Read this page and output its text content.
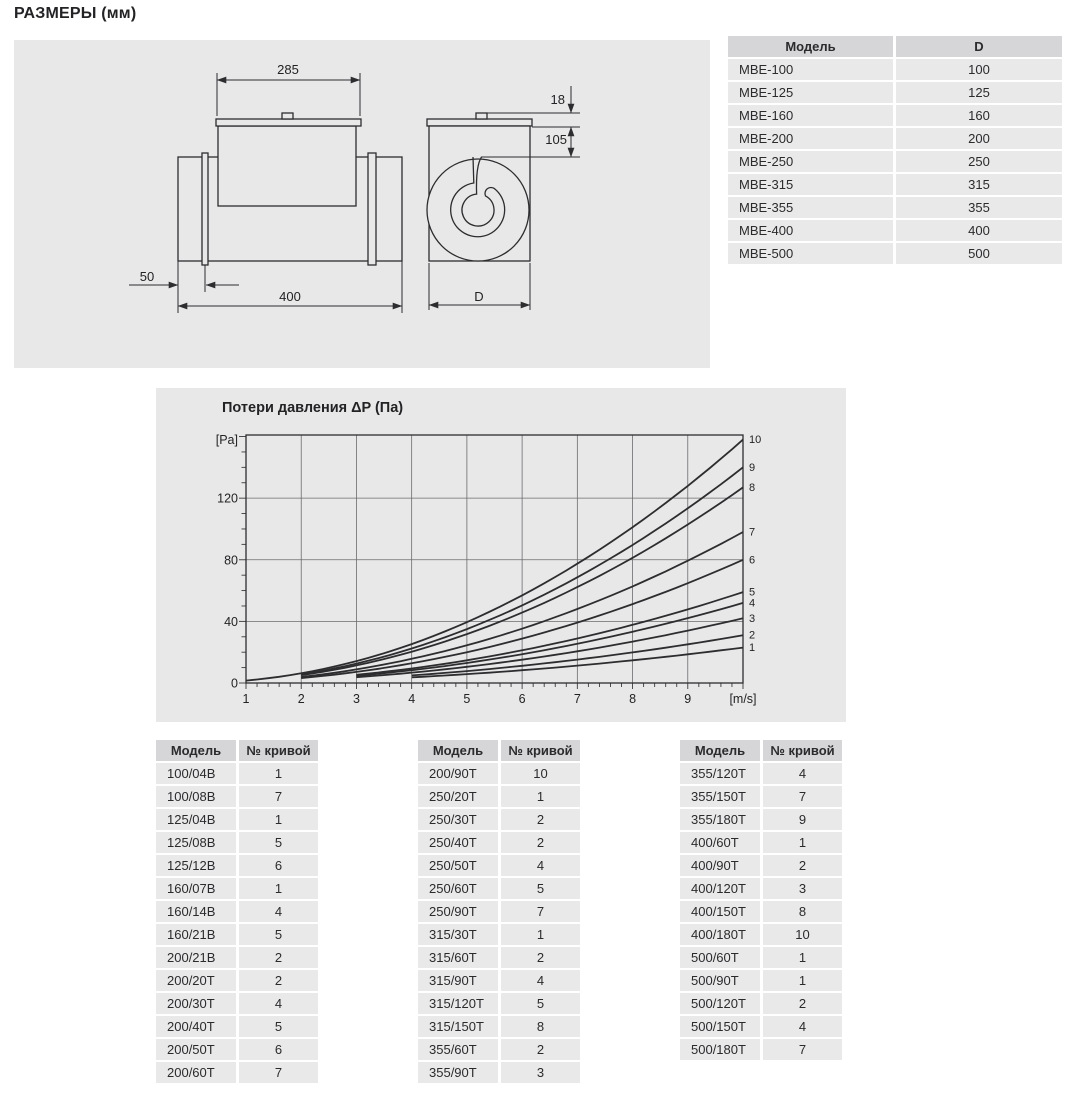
РАЗМЕРЫ (мм)
285
50
400
18
105
D
Модель	D
МВЕ-100	100
МВЕ-125	125
МВЕ-160	160
МВЕ-200	200
МВЕ-250	250
МВЕ-315	315
МВЕ-355	355
МВЕ-400	400
МВЕ-500	500
Потери давления ΔP (Па)
1	2	3	4	5	6	7	8	9
0
40
80
120
1
2
3
4
5
6
7
8
9
10
[Pa]
[m/s]
Модель	№ кривой
100/04В	1
100/08В	7
125/04В	1
125/08В	5
125/12В	6
160/07В	1
160/14В	4
160/21В	5
200/21В	2
200/20Т	2
200/30Т	4
200/40Т	5
200/50Т	6
200/60Т	7
Модель	№ кривой
200/90Т	10
250/20Т	1
250/30Т	2
250/40Т	2
250/50Т	4
250/60Т	5
250/90Т	7
315/30Т	1
315/60Т	2
315/90Т	4
315/120Т	5
315/150Т	8
355/60Т	2
355/90Т	3
Модель	№ кривой
355/120Т	4
355/150Т	7
355/180Т	9
400/60Т	1
400/90Т	2
400/120Т	3
400/150Т	8
400/180Т	10
500/60Т	1
500/90Т	1
500/120Т	2
500/150Т	4
500/180Т	7
